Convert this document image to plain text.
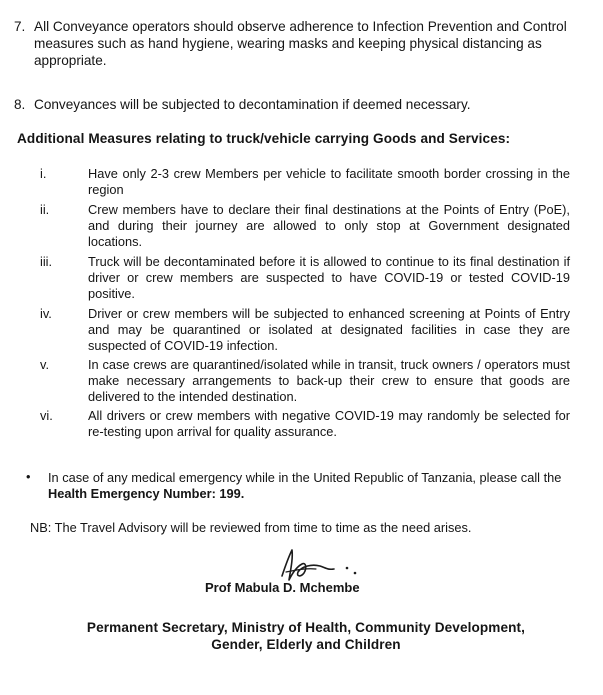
7. All Conveyance operators should observe adherence to Infection Prevention and Control measures such as hand hygiene, wearing masks and keeping physical distancing as appropriate.
8. Conveyances will be subjected to decontamination if deemed necessary.
Additional Measures relating to truck/vehicle carrying Goods and Services:
i.	Have only 2-3 crew Members per vehicle to facilitate smooth border crossing in the region
ii.	Crew members have to declare their final destinations at the Points of Entry (PoE), and during their journey are allowed to only stop at Government designated locations.
iii.	Truck will be decontaminated before it is allowed to continue to its final destination if driver or crew members are suspected to have COVID-19 or tested COVID-19 positive.
iv.	Driver or crew members will be subjected to enhanced screening at Points of Entry and may be quarantined or isolated at designated facilities in case they are suspected of COVID-19 infection.
v.	In case crews are quarantined/isolated while in transit, truck owners / operators must make necessary arrangements to back-up their crew to ensure that goods are delivered to the intended destination.
vi.	All drivers or crew members with negative COVID-19 may randomly be selected for re-testing upon arrival for quality assurance.
• In case of any medical emergency while in the United Republic of Tanzania, please call the Health Emergency Number: 199.
NB: The Travel Advisory will be reviewed from time to time as the need arises.
Prof Mabula D. Mchembe
Permanent Secretary, Ministry of Health, Community Development,
Gender, Elderly and Children
